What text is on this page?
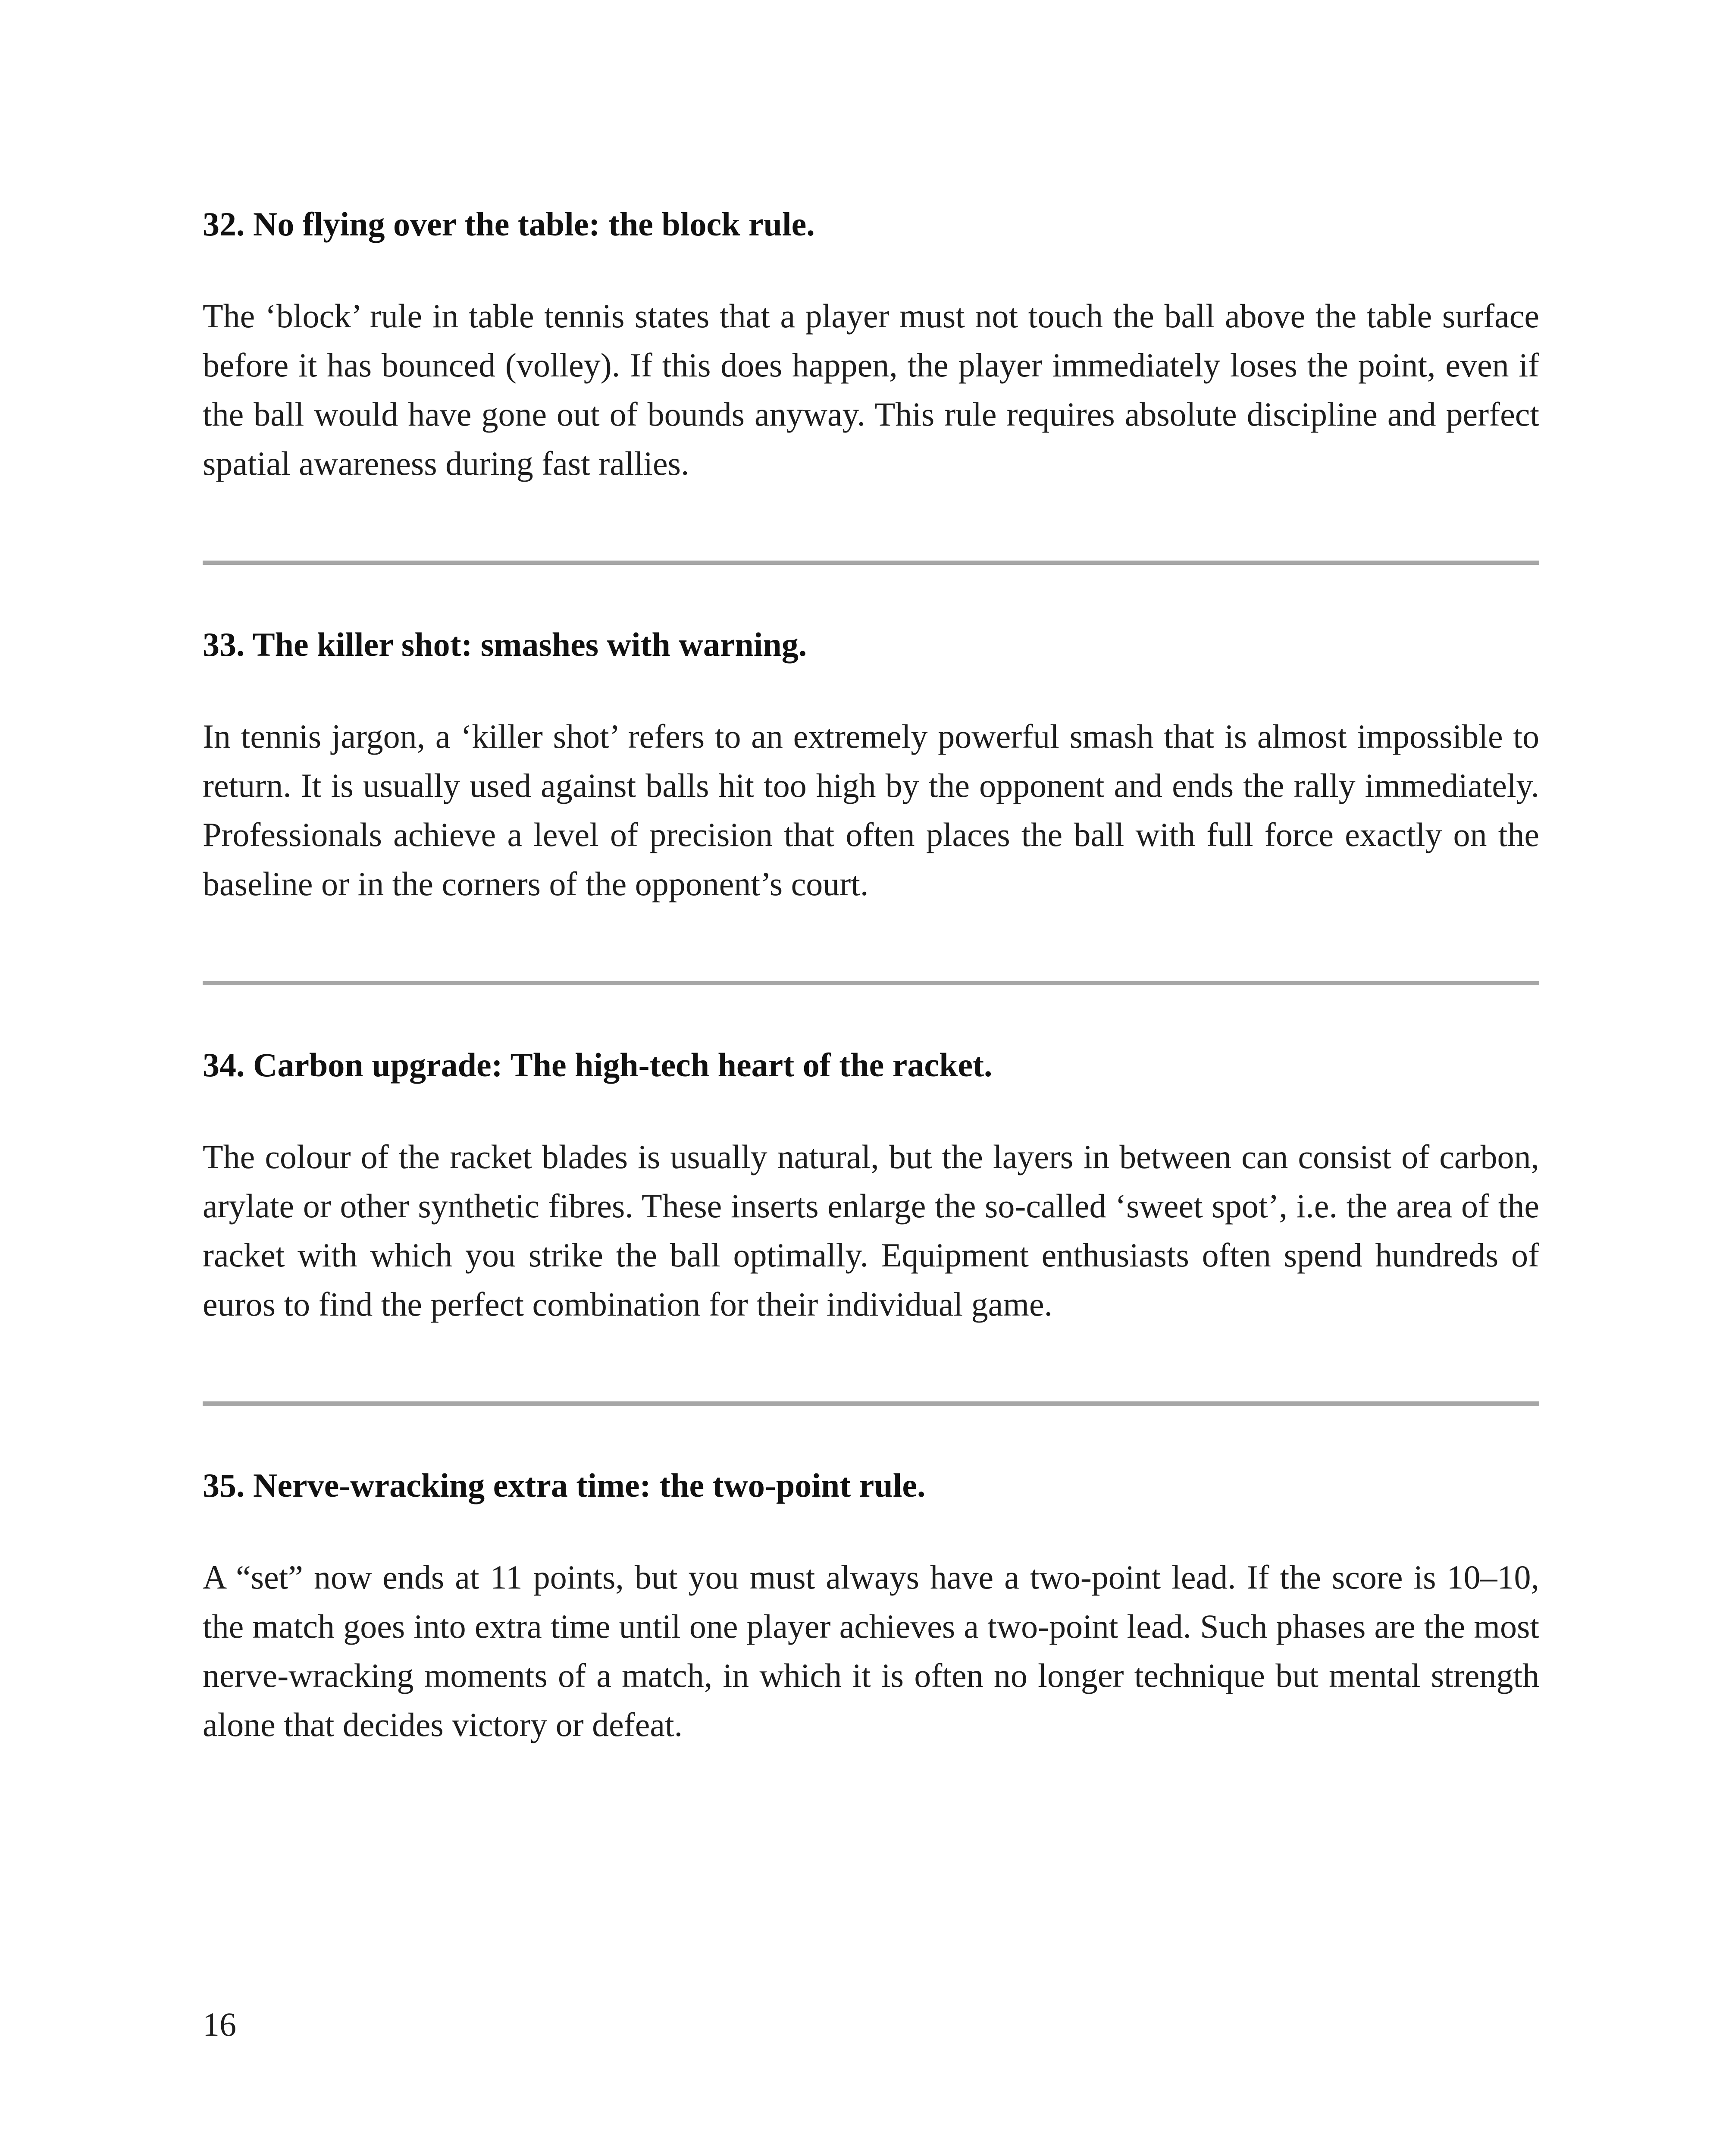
32. No flying over the table: the block rule.

The ‘block’ rule in table tennis states that a player must not touch the ball above the table surface before it has bounced (volley). If this does happen, the player immediately loses the point, even if the ball would have gone out of bounds anyway. This rule requires absolute discipline and perfect spatial awareness during fast rallies.

33. The killer shot: smashes with warning.

In tennis jargon, a ‘killer shot’ refers to an extremely powerful smash that is almost impossible to return. It is usually used against balls hit too high by the opponent and ends the rally immediately. Professionals achieve a level of precision that often places the ball with full force exactly on the baseline or in the corners of the opponent’s court.

34. Carbon upgrade: The high-tech heart of the racket.

The colour of the racket blades is usually natural, but the layers in between can consist of carbon, arylate or other synthetic fibres. These inserts enlarge the so-called ‘sweet spot’, i.e. the area of the racket with which you strike the ball optimally. Equipment enthusiasts often spend hundreds of euros to find the perfect combination for their individual game.

35. Nerve-wracking extra time: the two-point rule.

A “set” now ends at 11 points, but you must always have a two-point lead. If the score is 10–10, the match goes into extra time until one player achieves a two-point lead. Such phases are the most nerve-wracking moments of a match, in which it is often no longer technique but mental strength alone that decides victory or defeat.

16
